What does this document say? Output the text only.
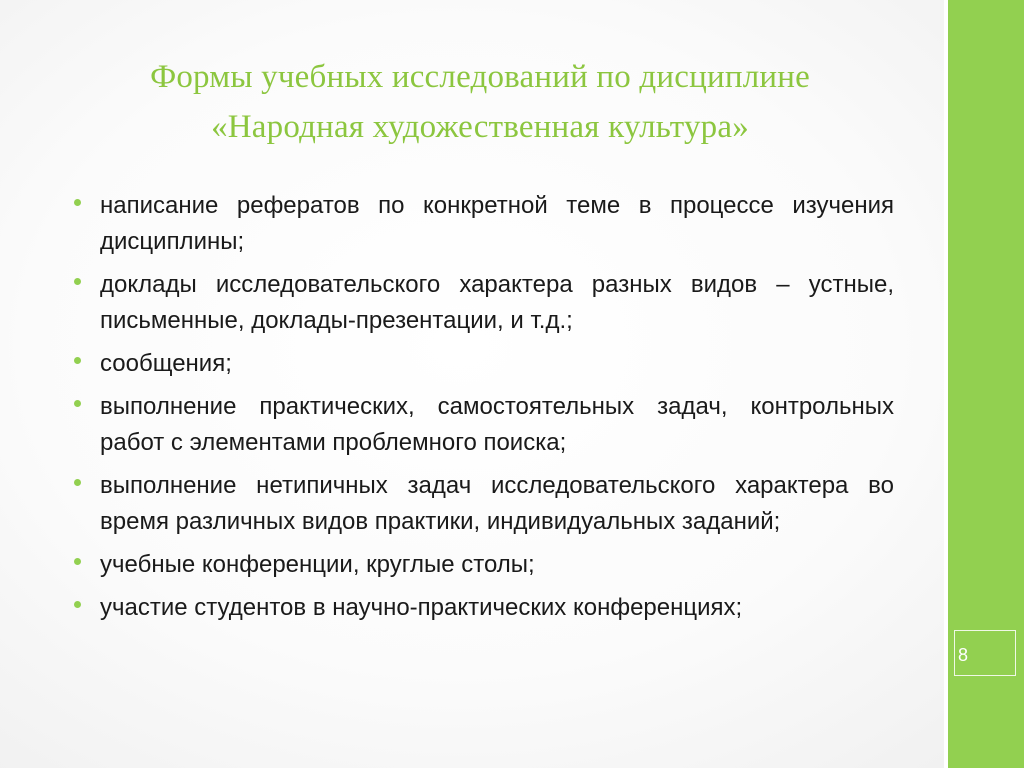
Формы учебных исследований по дисциплине
«Народная художественная культура»
написание рефератов по конкретной теме в процессе изучения дисциплины;
доклады исследовательского характера разных видов – устные, письменные, доклады-презентации, и т.д.;
сообщения;
выполнение практических, самостоятельных задач, контрольных работ с элементами проблемного поиска;
выполнение нетипичных задач исследовательского характера во время различных видов практики, индивидуальных заданий;
учебные конференции, круглые столы;
участие студентов в научно-практических конференциях;
8
